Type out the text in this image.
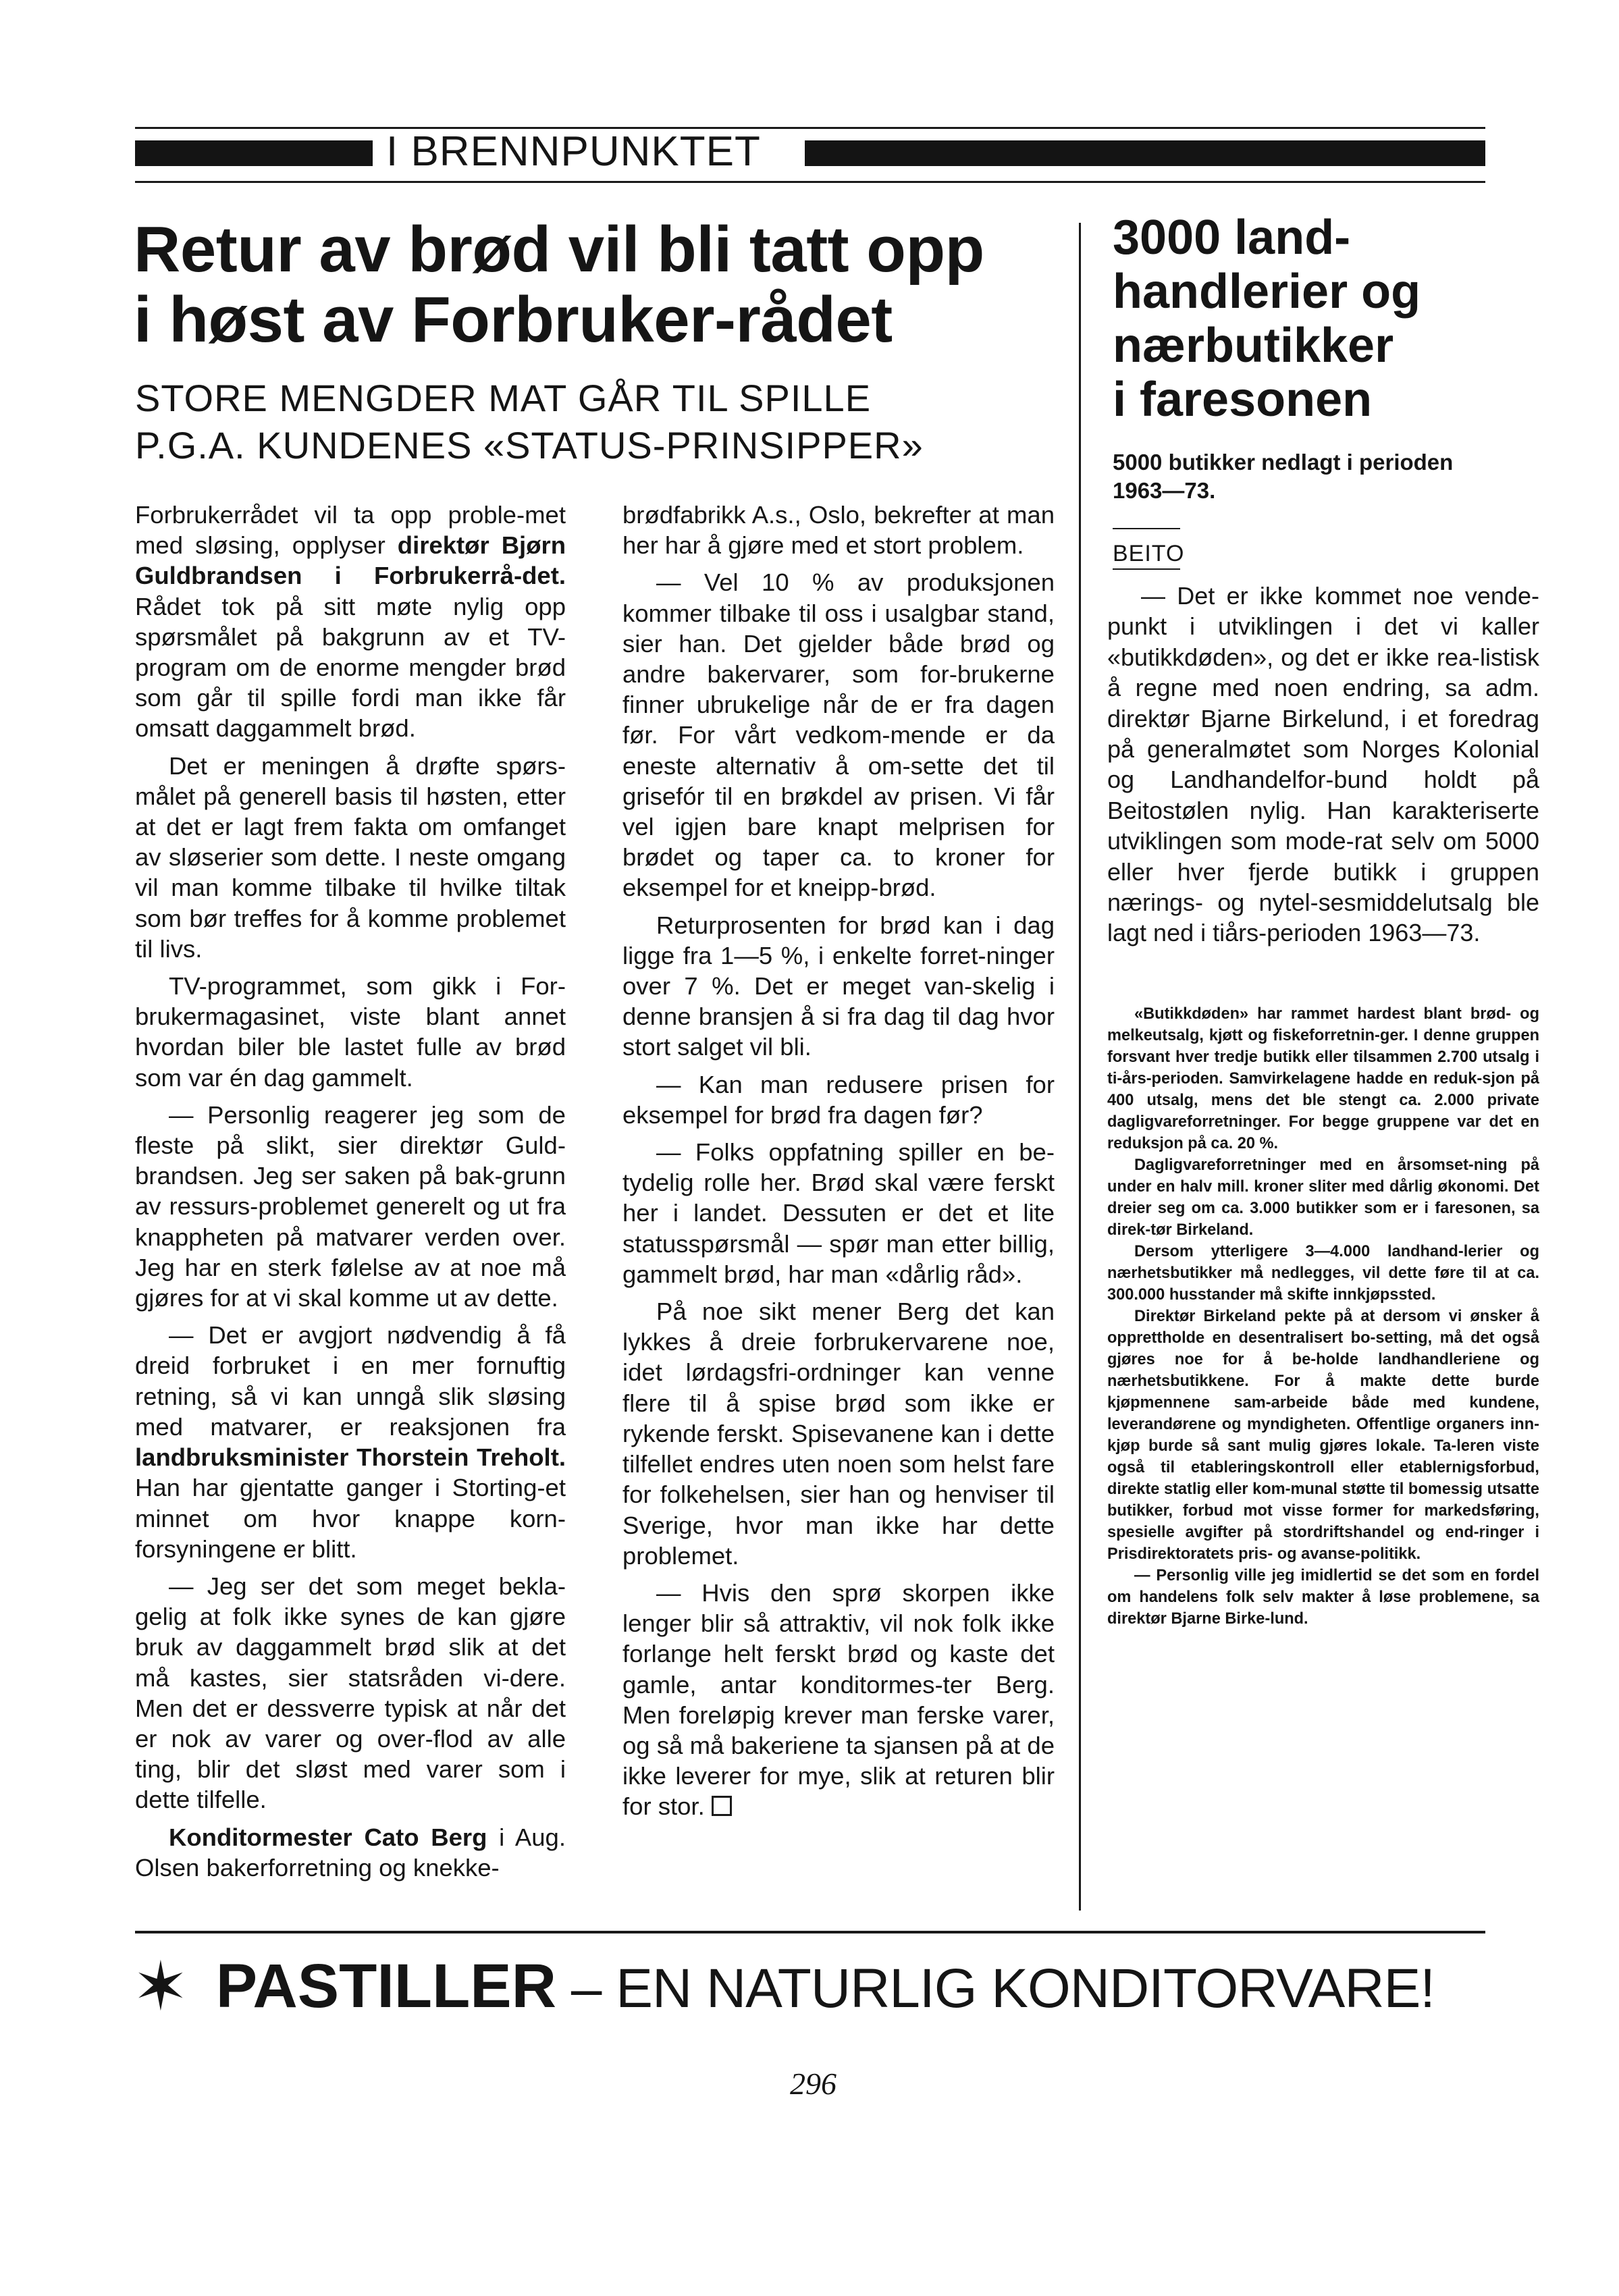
I BRENNPUNKTET
Retur av brød vil bli tatt opp
i høst av Forbruker-rådet
STORE MENGDER MAT GÅR TIL SPILLE
P.G.A. KUNDENES «STATUS-PRINSIPPER»

Forbrukerrådet vil ta opp proble-met med sløsing, opplyser direktør Bjørn Guldbrandsen i Forbrukerrå-det. Rådet tok på sitt møte nylig opp spørsmålet på bakgrunn av et TV-program om de enorme mengder brød som går til spille fordi man ikke får omsatt daggammelt brød.

Det er meningen å drøfte spørs-målet på generell basis til høsten, etter at det er lagt frem fakta om omfanget av sløserier som dette. I neste omgang vil man komme tilbake til hvilke tiltak som bør treffes for å komme problemet til livs.

TV-programmet, som gikk i For-brukermagasinet, viste blant annet hvordan biler ble lastet fulle av brød som var én dag gammelt.

— Personlig reagerer jeg som de fleste på slikt, sier direktør Guld-brandsen. Jeg ser saken på bak-grunn av ressurs-problemet generelt og ut fra knappheten på matvarer verden over. Jeg har en sterk følelse av at noe må gjøres for at vi skal komme ut av dette.

— Det er avgjort nødvendig å få dreid forbruket i en mer fornuftig retning, så vi kan unngå slik sløsing med matvarer, er reaksjonen fra landbruksminister Thorstein Treholt. Han har gjentatte ganger i Storting-et minnet om hvor knappe korn-forsyningene er blitt.

— Jeg ser det som meget bekla-gelig at folk ikke synes de kan gjøre bruk av daggammelt brød slik at det må kastes, sier statsråden vi-dere. Men det er dessverre typisk at når det er nok av varer og over-flod av alle ting, blir det sløst med varer som i dette tilfelle.

Konditormester Cato Berg i Aug. Olsen bakerforretning og knekke-

brødfabrikk A.s., Oslo, bekrefter at man her har å gjøre med et stort problem.

— Vel 10 % av produksjonen kommer tilbake til oss i usalgbar stand, sier han. Det gjelder både brød og andre bakervarer, som for-brukerne finner ubrukelige når de er fra dagen før. For vårt vedkom-mende er da eneste alternativ å om-sette det til grisefór til en brøkdel av prisen. Vi får vel igjen bare knapt melprisen for brødet og taper ca. to kroner for eksempel for et kneipp-brød.

Returprosenten for brød kan i dag ligge fra 1—5 %, i enkelte forret-ninger over 7 %. Det er meget van-skelig i denne bransjen å si fra dag til dag hvor stort salget vil bli.

— Kan man redusere prisen for eksempel for brød fra dagen før?

— Folks oppfatning spiller en be-tydelig rolle her. Brød skal være ferskt her i landet. Dessuten er det et lite statusspørsmål — spør man etter billig, gammelt brød, har man «dårlig råd».

På noe sikt mener Berg det kan lykkes å dreie forbrukervarene noe, idet lørdagsfri-ordninger kan venne flere til å spise brød som ikke er rykende ferskt. Spisevanene kan i dette tilfellet endres uten noen som helst fare for folkehelsen, sier han og henviser til Sverige, hvor man ikke har dette problemet.

— Hvis den sprø skorpen ikke lenger blir så attraktiv, vil nok folk ikke forlange helt ferskt brød og kaste det gamle, antar konditormes-ter Berg. Men foreløpig krever man ferske varer, og så må bakeriene ta sjansen på at de ikke leverer for mye, slik at returen blir for stor.

3000 land-
handlerier og
nærbutikker
i faresonen
5000 butikker nedlagt i perioden
1963—73.
BEITO

— Det er ikke kommet noe vende-punkt i utviklingen i det vi kaller «butikkdøden», og det er ikke rea-listisk å regne med noen endring, sa adm. direktør Bjarne Birkelund, i et foredrag på generalmøtet som Norges Kolonial og Landhandelfor-bund holdt på Beitostølen nylig. Han karakteriserte utviklingen som mode-rat selv om 5000 eller hver fjerde butikk i gruppen nærings- og nytel-sesmiddelutsalg ble lagt ned i tiårs-perioden 1963—73.

«Butikkdøden» har rammet hardest blant brød- og melkeutsalg, kjøtt og fiskeforretnin-ger. I denne gruppen forsvant hver tredje butikk eller tilsammen 2.700 utsalg i ti-års-perioden. Samvirkelagene hadde en reduk-sjon på 400 utsalg, mens det ble stengt ca. 2.000 private dagligvareforretninger. For begge gruppene var det en reduksjon på ca. 20 %.

Dagligvareforretninger med en årsomset-ning på under en halv mill. kroner sliter med dårlig økonomi. Det dreier seg om ca. 3.000 butikker som er i faresonen, sa direk-tør Birkeland.

Dersom ytterligere 3—4.000 landhand-lerier og nærhetsbutikker må nedlegges, vil dette føre til at ca. 300.000 husstander må skifte innkjøpssted.

Direktør Birkeland pekte på at dersom vi ønsker å opprettholde en desentralisert bo-setting, må det også gjøres noe for å be-holde landhandleriene og nærhetsbutikkene. For å makte dette burde kjøpmennene sam-arbeide både med kundene, leverandørene og myndigheten. Offentlige organers inn-kjøp burde så sant mulig gjøres lokale. Ta-leren viste også til etableringskontroll eller etablernigsforbud, direkte statlig eller kom-munal støtte til bomessig utsatte butikker, forbud mot visse former for markedsføring, spesielle avgifter på stordriftshandel og end-ringer i Prisdirektoratets pris- og avanse-politikk.

— Personlig ville jeg imidlertid se det som en fordel om handelens folk selv makter å løse problemene, sa direktør Bjarne Birke-lund.

✶ PASTILLER – EN NATURLIG KONDITORVARE!
296
